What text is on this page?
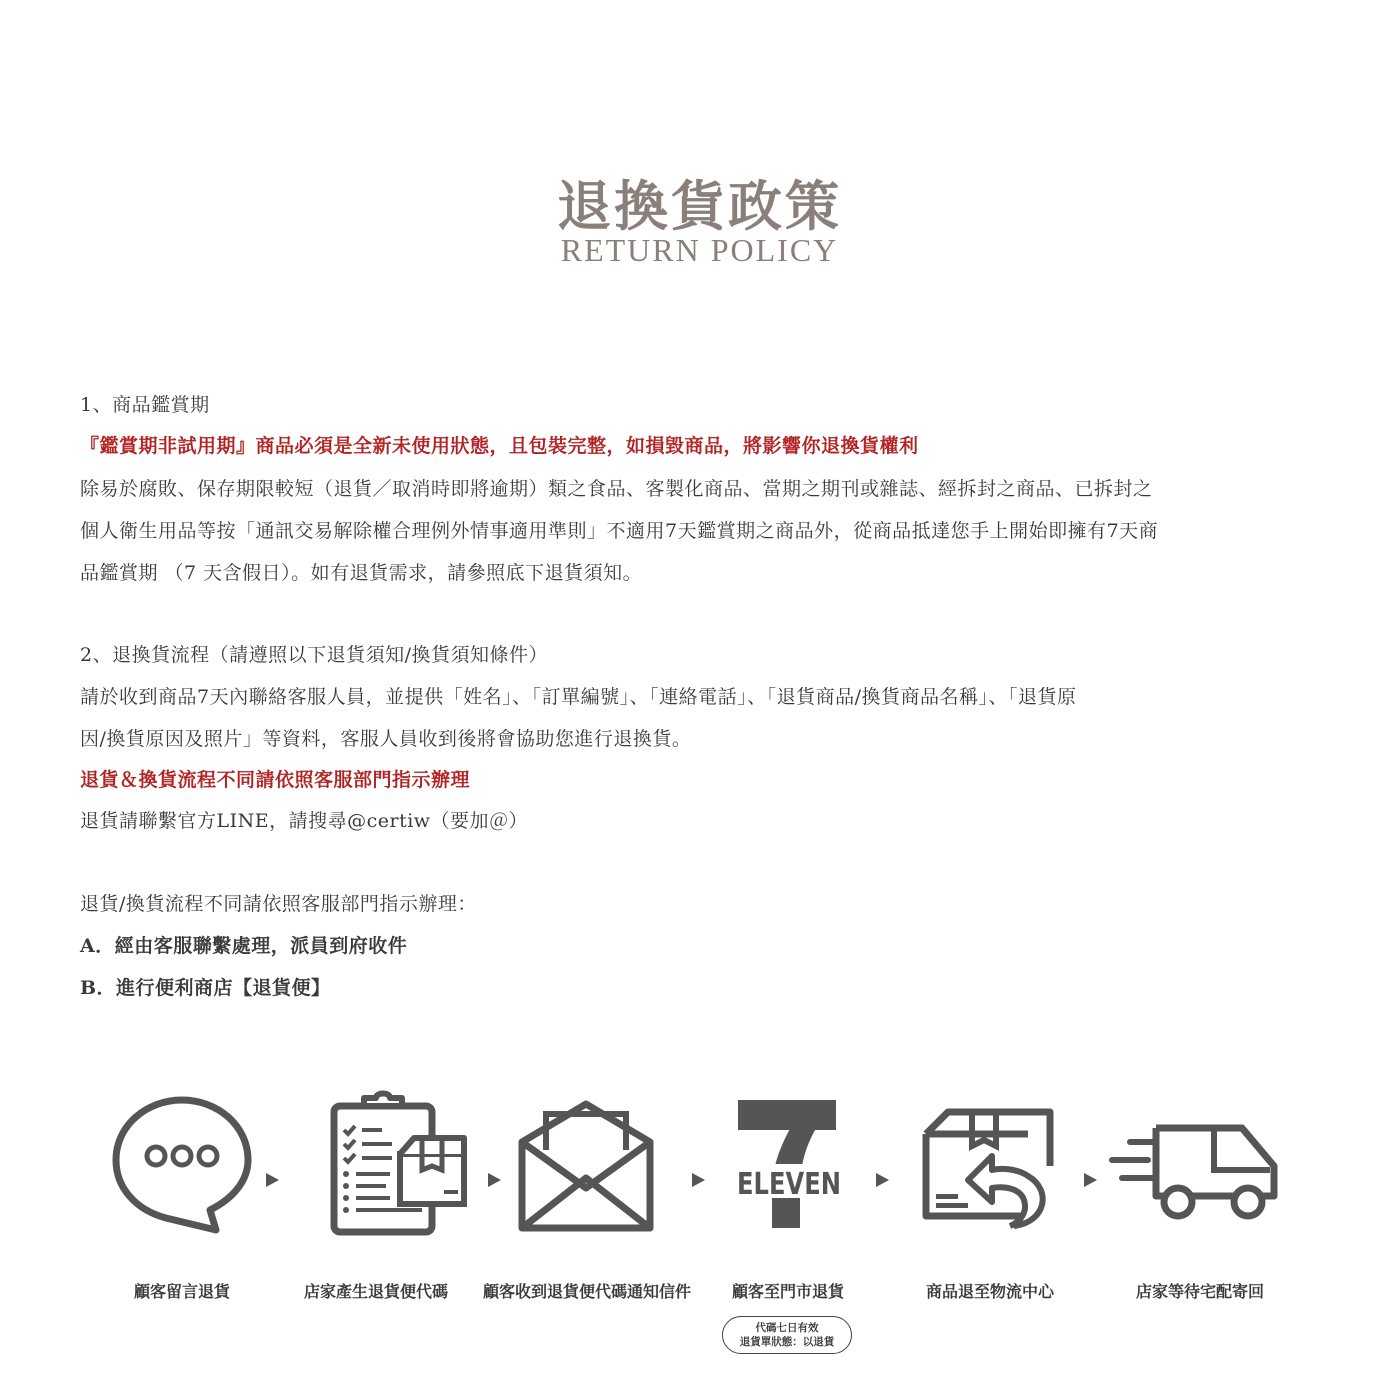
退換貨政策
RETURN POLICY
1、商品鑑賞期
『鑑賞期非試用期』商品必須是全新未使用狀態，且包裝完整，如損毀商品，將影響你退換貨權利
除易於腐敗、保存期限較短（退貨／取消時即將逾期）類之食品、客製化商品、當期之期刊或雜誌、經拆封之商品、已拆封之
個人衛生用品等按「通訊交易解除權合理例外情事適用準則」不適用7天鑑賞期之商品外，從商品抵達您手上開始即擁有7天商
品鑑賞期 （7 天含假日）。如有退貨需求，請參照底下退貨須知。
2、退換貨流程（請遵照以下退貨須知/換貨須知條件）
請於收到商品7天內聯絡客服人員，並提供「姓名」、「訂單編號」、「連絡電話」、「退貨商品/換貨商品名稱」、「退貨原
因/換貨原因及照片」等資料，客服人員收到後將會協助您進行退換貨。
退貨＆換貨流程不同請依照客服部門指示辦理
退貨請聯繫官方LINE，請搜尋@certiw（要加＠）
退貨/換貨流程不同請依照客服部門指示辦理：
A．經由客服聯繫處理，派員到府收件
B．進行便利商店【退貨便】
ELEVEN
顧客留言退貨	店家產生退貨便代碼	顧客收到退貨便代碼通知信件	顧客至門市退貨	商品退至物流中心	店家等待宅配寄回
代碼七日有效
退貨單狀態：以退貨
